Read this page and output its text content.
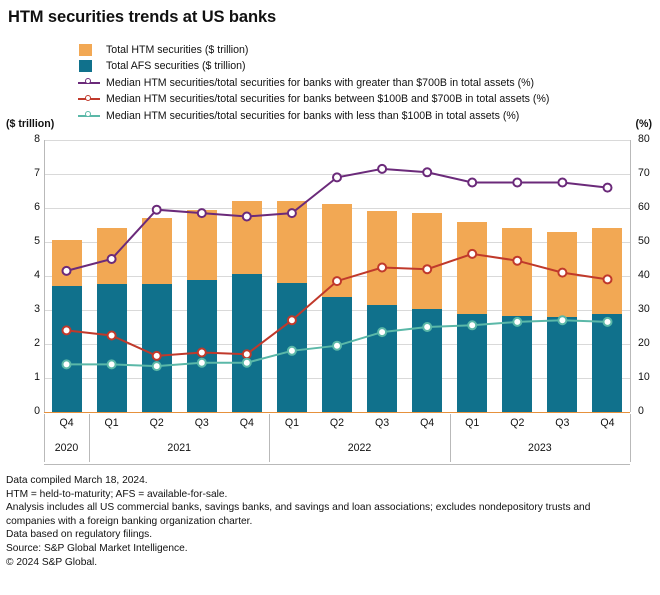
HTM securities trends at US banks
Total HTM securities ($ trillion)
Total AFS securities ($ trillion)
Median HTM securities/total securities for banks with greater than $700B in total assets (%)
Median HTM securities/total securities for banks between $100B and $700B in total assets (%)
Median HTM securities/total securities for banks with less than $100B in total assets (%)
($ trillion)	(%)
0	0
1	10
2	20
3	30
4	40
5	50
6	60
7	70
8	80
Q4	Q1	Q2	Q3	Q4	Q1	Q2	Q3	Q4	Q1	Q2	Q3	Q4
2020	2021	2022	2023
Data compiled March 18, 2024.
HTM = held-to-maturity; AFS = available-for-sale.
Analysis includes all US commercial banks, savings banks, and savings and loan associations; excludes nondepository trusts and
companies with a foreign banking organization charter.
Data based on regulatory filings.
Source: S&P Global Market Intelligence.
© 2024 S&P Global.
